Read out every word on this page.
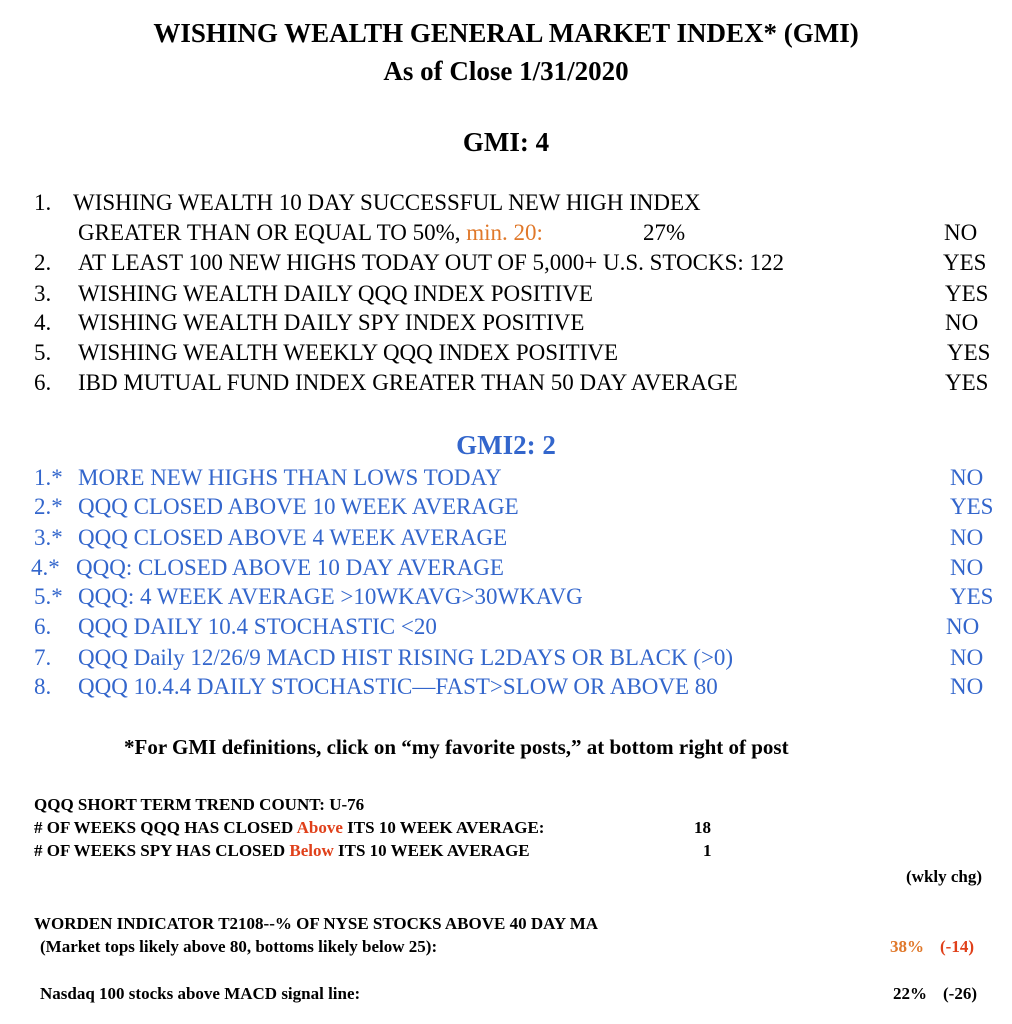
WISHING WEALTH GENERAL MARKET INDEX* (GMI)
As of Close 1/31/2020
GMI: 4
1. WISHING WEALTH 10 DAY SUCCESSFUL NEW HIGH INDEX
GREATER THAN OR EQUAL TO 50%, min. 20:	27%	NO
2. AT LEAST 100 NEW HIGHS TODAY OUT OF 5,000+ U.S. STOCKS: 122	YES
3. WISHING WEALTH DAILY QQQ INDEX POSITIVE	YES
4. WISHING WEALTH DAILY SPY INDEX POSITIVE	NO
5. WISHING WEALTH WEEKLY QQQ INDEX POSITIVE	YES
6. IBD MUTUAL FUND INDEX GREATER THAN 50 DAY AVERAGE	YES
GMI2: 2
1.* MORE NEW HIGHS THAN LOWS TODAY	NO
2.* QQQ CLOSED ABOVE 10 WEEK AVERAGE	YES
3.* QQQ CLOSED ABOVE 4 WEEK AVERAGE	NO
4.* QQQ: CLOSED ABOVE 10 DAY AVERAGE	NO
5.* QQQ: 4 WEEK AVERAGE >10WKAVG>30WKAVG	YES
6. QQQ DAILY 10.4 STOCHASTIC <20	NO
7. QQQ Daily 12/26/9 MACD HIST RISING L2DAYS OR BLACK (>0)	NO
8. QQQ 10.4.4 DAILY STOCHASTIC—FAST>SLOW OR ABOVE 80	NO
*For GMI definitions, click on “my favorite posts,” at bottom right of post
QQQ SHORT TERM TREND COUNT: U-76
# OF WEEKS QQQ HAS CLOSED Above ITS 10 WEEK AVERAGE:	18
# OF WEEKS SPY HAS CLOSED Below ITS 10 WEEK AVERAGE	1
(wkly chg)
WORDEN INDICATOR T2108--% OF NYSE STOCKS ABOVE 40 DAY MA
(Market tops likely above 80, bottoms likely below 25):	38% (-14)
Nasdaq 100 stocks above MACD signal line:	22% (-26)
